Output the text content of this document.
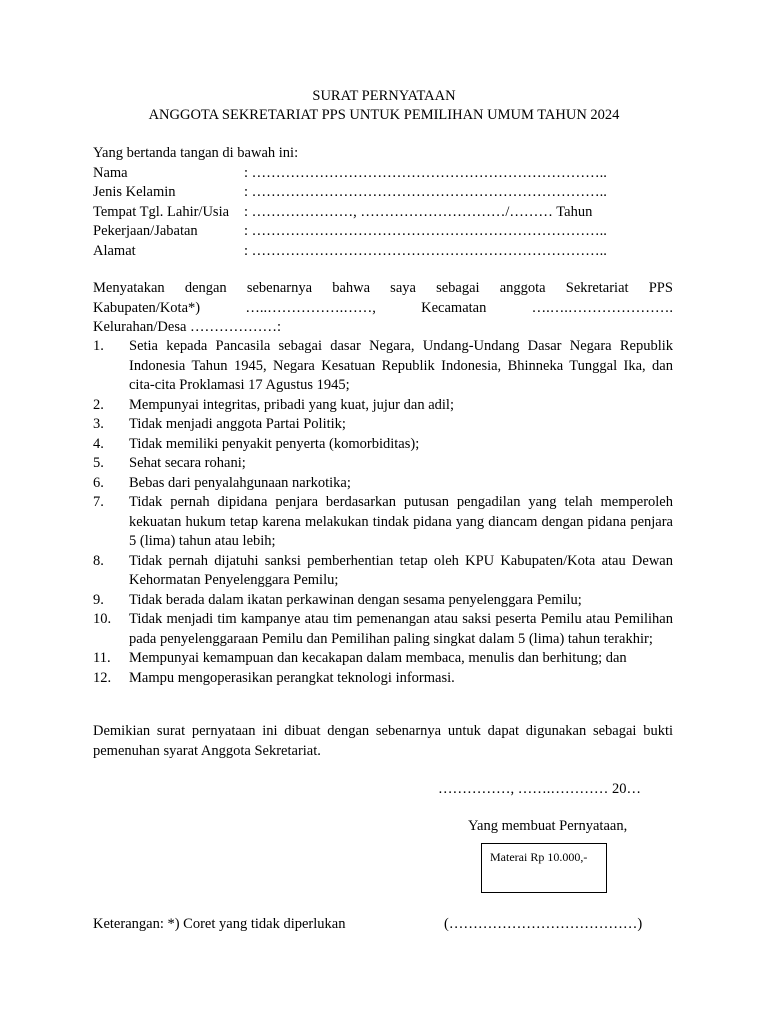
SURAT PERNYATAAN
ANGGOTA SEKRETARIAT PPS UNTUK PEMILIHAN UMUM TAHUN 2024
Yang bertanda tangan di bawah ini:
Nama	: ………………………………………………………………..
Jenis Kelamin	: ………………………………………………………………..
Tempat Tgl. Lahir/Usia	: …………………, …………………………/……… Tahun
Pekerjaan/Jabatan	: ………………………………………………………………..
Alamat	: ………………………………………………………………..
Menyatakan dengan sebenarnya bahwa saya sebagai anggota Sekretariat PPS
Kabupaten/Kota*)	…..…………….……,	Kecamatan	….….………………….
Kelurahan/Desa ………………:
1.	Setia kepada Pancasila sebagai dasar Negara, Undang-Undang Dasar Negara Republik Indonesia Tahun 1945, Negara Kesatuan Republik Indonesia, Bhinneka Tunggal Ika, dan cita-cita Proklamasi 17 Agustus 1945;
2.	Mempunyai integritas, pribadi yang kuat, jujur dan adil;
3.	Tidak menjadi anggota Partai Politik;
4.	Tidak memiliki penyakit penyerta (komorbiditas);
5.	Sehat secara rohani;
6.	Bebas dari penyalahgunaan narkotika;
7.	Tidak pernah dipidana penjara berdasarkan putusan pengadilan yang telah memperoleh kekuatan hukum tetap karena melakukan tindak pidana yang diancam dengan pidana penjara 5 (lima) tahun atau lebih;
8.	Tidak pernah dijatuhi sanksi pemberhentian tetap oleh KPU Kabupaten/Kota atau Dewan Kehormatan Penyelenggara Pemilu;
9.	Tidak berada dalam ikatan perkawinan dengan sesama penyelenggara Pemilu;
10.	Tidak menjadi tim kampanye atau tim pemenangan atau saksi peserta Pemilu atau Pemilihan pada penyelenggaraan Pemilu dan Pemilihan paling singkat dalam 5 (lima) tahun terakhir;
11.	Mempunyai kemampuan dan kecakapan dalam membaca, menulis dan berhitung; dan
12.	Mampu mengoperasikan perangkat teknologi informasi.
Demikian surat pernyataan ini dibuat dengan sebenarnya untuk dapat digunakan sebagai bukti pemenuhan syarat Anggota Sekretariat.
……………, …….………… 20…
Yang membuat Pernyataan,
Materai Rp 10.000,-
Keterangan: *) Coret yang tidak diperlukan	(…………………………………)
